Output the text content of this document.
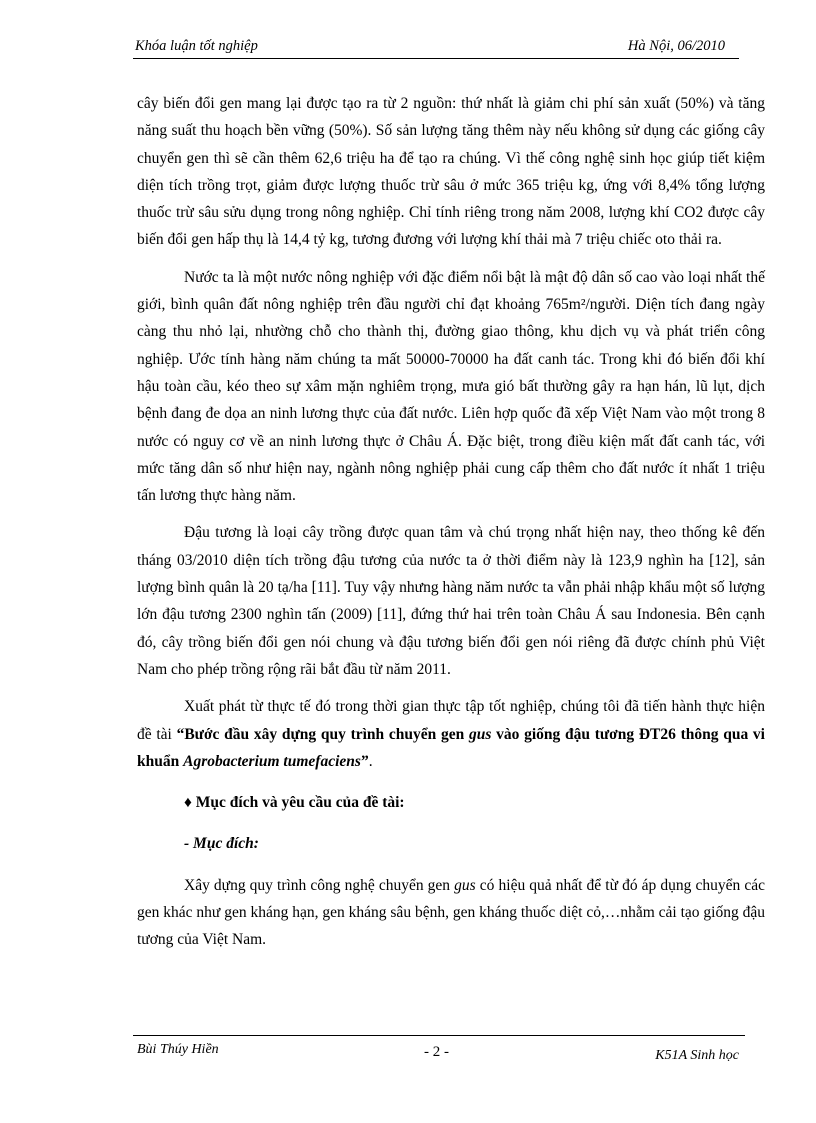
Khóa luận tốt nghiệp	Hà Nội, 06/2010

cây biến đổi gen mang lại được tạo ra từ 2 nguồn: thứ nhất là giảm chi phí sản xuất (50%) và tăng năng suất thu hoạch bền vững (50%). Số sản lượng tăng thêm này nếu không sử dụng các giống cây chuyển gen thì sẽ cần thêm 62,6 triệu ha để tạo ra chúng. Vì thế công nghệ sinh học giúp tiết kiệm diện tích trồng trọt, giảm được lượng thuốc trừ sâu ở mức 365 triệu kg, ứng với 8,4% tổng lượng thuốc trừ sâu sửu dụng trong nông nghiệp. Chỉ tính riêng trong năm 2008, lượng khí CO2 được cây biến đổi gen hấp thụ là 14,4 tỷ kg, tương đương với lượng khí thải mà 7 triệu chiếc oto thải ra.

Nước ta là một nước nông nghiệp với đặc điểm nổi bật là mật độ dân số cao vào loại nhất thế giới, bình quân đất nông nghiệp trên đầu người chỉ đạt khoảng 765m²/người. Diện tích đang ngày càng thu nhỏ lại, nhường chỗ cho thành thị, đường giao thông, khu dịch vụ và phát triển công nghiệp. Ước tính hàng năm chúng ta mất 50000-70000 ha đất canh tác. Trong khi đó biến đổi khí hậu toàn cầu, kéo theo sự xâm mặn nghiêm trọng, mưa gió bất thường gây ra hạn hán, lũ lụt, dịch bệnh đang đe dọa an ninh lương thực của đất nước. Liên hợp quốc đã xếp Việt Nam vào một trong 8 nước có nguy cơ về an ninh lương thực ở Châu Á. Đặc biệt, trong điều kiện mất đất canh tác, với mức tăng dân số như hiện nay, ngành nông nghiệp phải cung cấp thêm cho đất nước ít nhất 1 triệu tấn lương thực hàng năm.

Đậu tương là loại cây trồng được quan tâm và chú trọng nhất hiện nay, theo thống kê đến tháng 03/2010 diện tích trồng đậu tương của nước ta ở thời điểm này là 123,9 nghìn ha [12], sản lượng bình quân là 20 tạ/ha [11]. Tuy vậy nhưng hàng năm nước ta vẫn phải nhập khẩu một số lượng lớn đậu tương 2300 nghìn tấn (2009) [11], đứng thứ hai trên toàn Châu Á sau Indonesia. Bên cạnh đó, cây trồng biến đổi gen nói chung và đậu tương biến đổi gen nói riêng đã được chính phủ Việt Nam cho phép trồng rộng rãi bắt đầu từ năm 2011.

Xuất phát từ thực tế đó trong thời gian thực tập tốt nghiệp, chúng tôi đã tiến hành thực hiện đề tài “Bước đầu xây dựng quy trình chuyển gen gus vào giống đậu tương ĐT26 thông qua vi khuẩn Agrobacterium tumefaciens”.

♦ Mục đích và yêu cầu của đề tài:

- Mục đích:

Xây dựng quy trình công nghệ chuyển gen gus có hiệu quả nhất để từ đó áp dụng chuyển các gen khác như gen kháng hạn, gen kháng sâu bệnh, gen kháng thuốc diệt cỏ,…nhằm cải tạo giống đậu tương của Việt Nam.

Bùi Thúy Hiền	- 2 -	K51A Sinh học
